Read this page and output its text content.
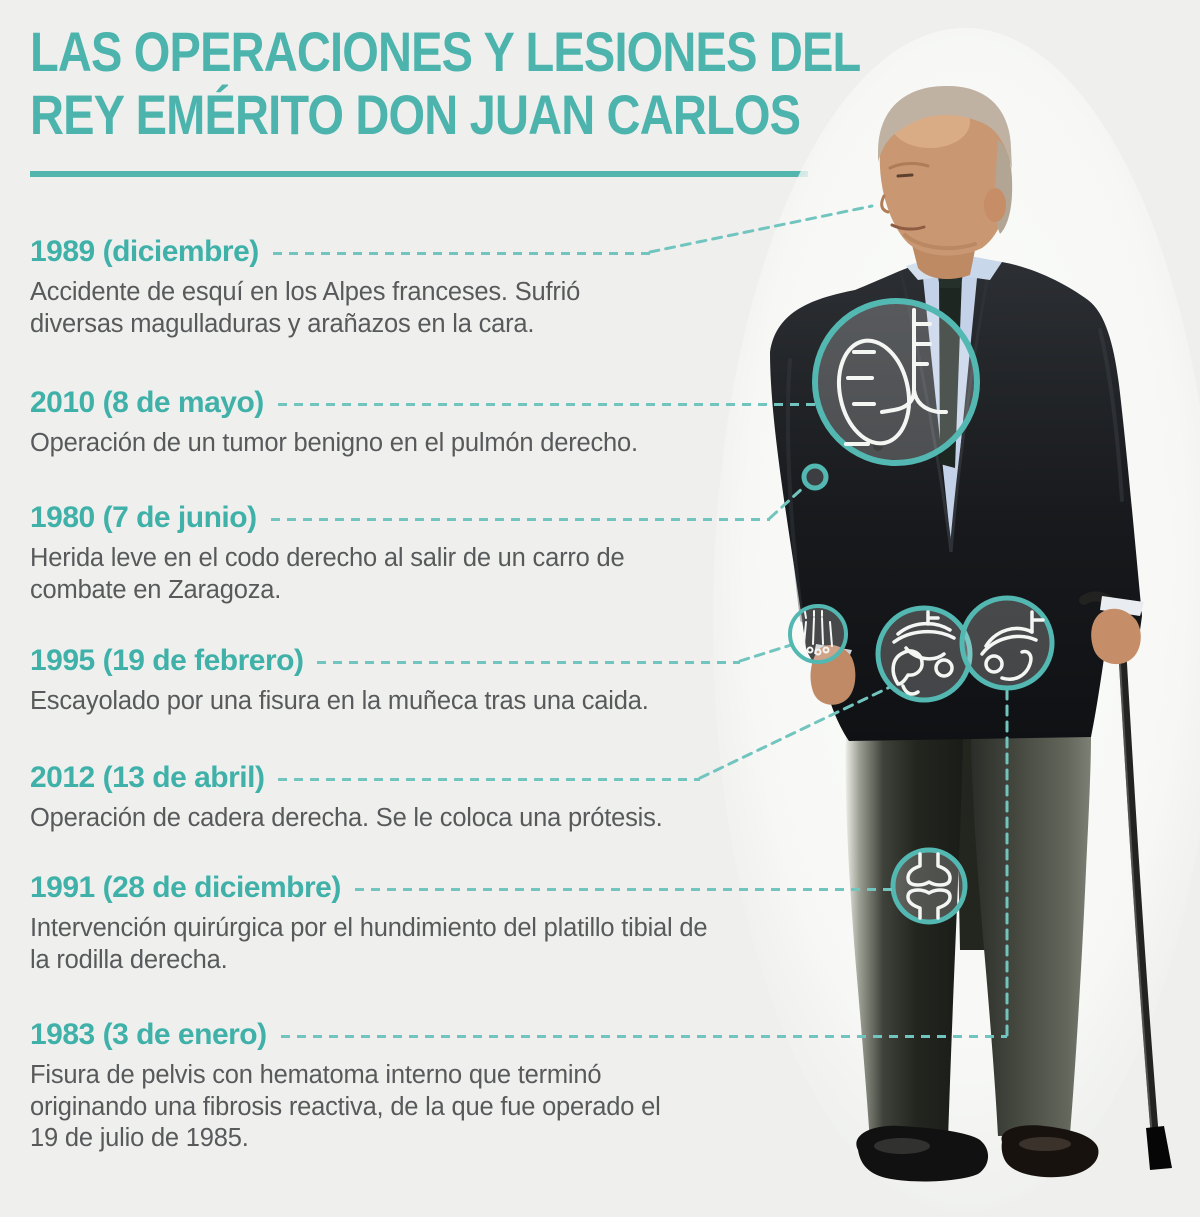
LAS OPERACIONES Y LESIONES DEL
REY EMÉRITO DON JUAN CARLOS
1989 (diciembre)
Accidente de esquí en los Alpes franceses. Sufrió diversas magulladuras y arañazos en la cara.
2010 (8 de mayo)
Operación de un tumor benigno en el pulmón derecho.
1980 (7 de junio)
Herida leve en el codo derecho al salir de un carro de combate en Zaragoza.
1995 (19 de febrero)
Escayolado por una fisura en la muñeca tras una caida.
2012 (13 de abril)
Operación de cadera derecha. Se le coloca una prótesis.
1991 (28 de diciembre)
Intervención quirúrgica por el hundimiento del platillo tibial de la rodilla derecha.
1983 (3 de enero)
Fisura de pelvis con hematoma interno que terminó originando una fibrosis reactiva, de la que fue operado el 19 de julio de 1985.
